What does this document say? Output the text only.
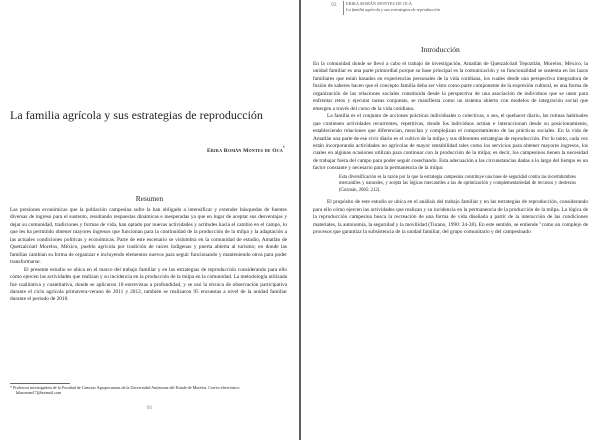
La familia agrícola y sus estrategias de reproducción
Erika Román Montes de Oca*
Resumen

Las presiones económicas que la población campesina sufre la han obligado a intensificar y extender búsquedas de fuentes diversas de ingreso para el sustento, resultando respuestas dinámicas e inesperadas ya que en lugar de aceptar sus desventajas y dejar su comunidad, tradiciones y formas de vida, han optado por nuevas actividades y actitudes hacia el cambio en el campo, lo que les ha permitido obtener mayores ingresos que funcionan para la continuidad de la producción de la milpa y la adaptación a las actuales condiciones políticas y económicas. Parte de este escenario se vislumbra en la comunidad de estudio, Amatlán de Quetzalcóatl Morelos, México, pueblo agrícola por tradición de raíces indígenas y puerta abierta al turismo; en donde las familias cambian su forma de organizar e incluyendo elementos nuevos para seguir funcionando y manteniendo otros para poder transformarse.

El presente estudio se ubica en el marco del trabajo familiar y en las estrategias de reproducción considerando para ello cómo ejercen las actividades que realizan y su incidencia en la producción de la milpa en la comunidad. La metodología utilizada fue cualitativa y cuantitativa, donde se aplicaron 10 entrevistas a profundidad, y se usó la técnica de observación participativa durante el ciclo agrícola primavera-verano de 2011 y 2012, también se realizaron 95 encuestas a nivel de la unidad familiar durante el periodo de 2010.

* Profesora investigadora de la Facultad de Ciencias Agropecuarias de la Universidad Autónoma del Estado de Morelos. Correo electrónico: kilaroman17@hotmail.com
91
92 ERIKA ROMÁN MONTES DE OCA
La familia agrícola y sus estrategias de reproducción
Introducción

En la comunidad donde se llevó a cabo el trabajo de investigación, Amatlán de Quetzalcóatl Tepoztlán, Morelos, México, la unidad familiar es una parte primordial porque su base principal es la comunicación y su funcionalidad se sustenta en los lazos familiares que están basados en experiencias personales de la vida cotidiana, los cuales desde una perspectiva integradora de fusión de saberes hacen que el concepto familia deba ser visto como parte componente de la expresión cultural, es una forma de organización de las relaciones sociales constituida desde la perspectiva de una asociación de individuos que se unen para enfrentar retos y ejecutar tareas conjuntas, se manifiesta como un sistema abierto con modelos de integración social que emergen a través del curso de la vida cotidiana.

La familia es el conjunto de acciones prácticas individuales o colectivas, o sea, el quehacer diario, las rutinas habituales que contienen actividades recurrentes, repetitivas, donde los individuos actúan e interaccionan desde su posicionamiento, estableciendo relaciones que diferencian, mezclan y complejizan el comportamiento de las prácticas sociales. En la vida de Amatlán una parte de ese vivir diario es el cultivo de la milpa y sus diferentes estrategias de reproducción. Por lo tanto, cada vez están incorporando actividades no agrícolas de mayor rentabilidad tales como los servicios para obtener mayores ingresos, los cuales en algunas ocasiones utilizan para continuar con la producción de la milpa; es decir, los campesinos tienen la necesidad de trabajar fuera del campo para poder seguir cosechando. Esta adecuación a las circunstancias dadas a lo largo del tiempo es un factor constante y necesario para la permanencia de la milpa:

Esta diversificación es la razón por la que la estrategia campesina constituye una base de seguridad contra las incertidumbres mercantiles y naturales, y acepta las lógicas mercantiles a las de optimización y complementariedad de recursos y destrezos (Guzmán, 2005: 212).

El propósito de este estudio se ubica en el análisis del trabajo familiar y en las estrategias de reproducción, considerando para ello cómo ejercen las actividades que realizan y su incidencia en la permanencia de la producción de la milpa. La lógica de la reproducción campesina busca la recreación de una forma de vida diseñada a partir de la interacción de las condiciones materiales, la autonomía, la seguridad y la movilidad (Turano, 1990: 34-38). En este sentido, se entiende "como un complejo de procesos que garantiza la subsistencia de la unidad familiar, del grupo comunitario y del campesinado
